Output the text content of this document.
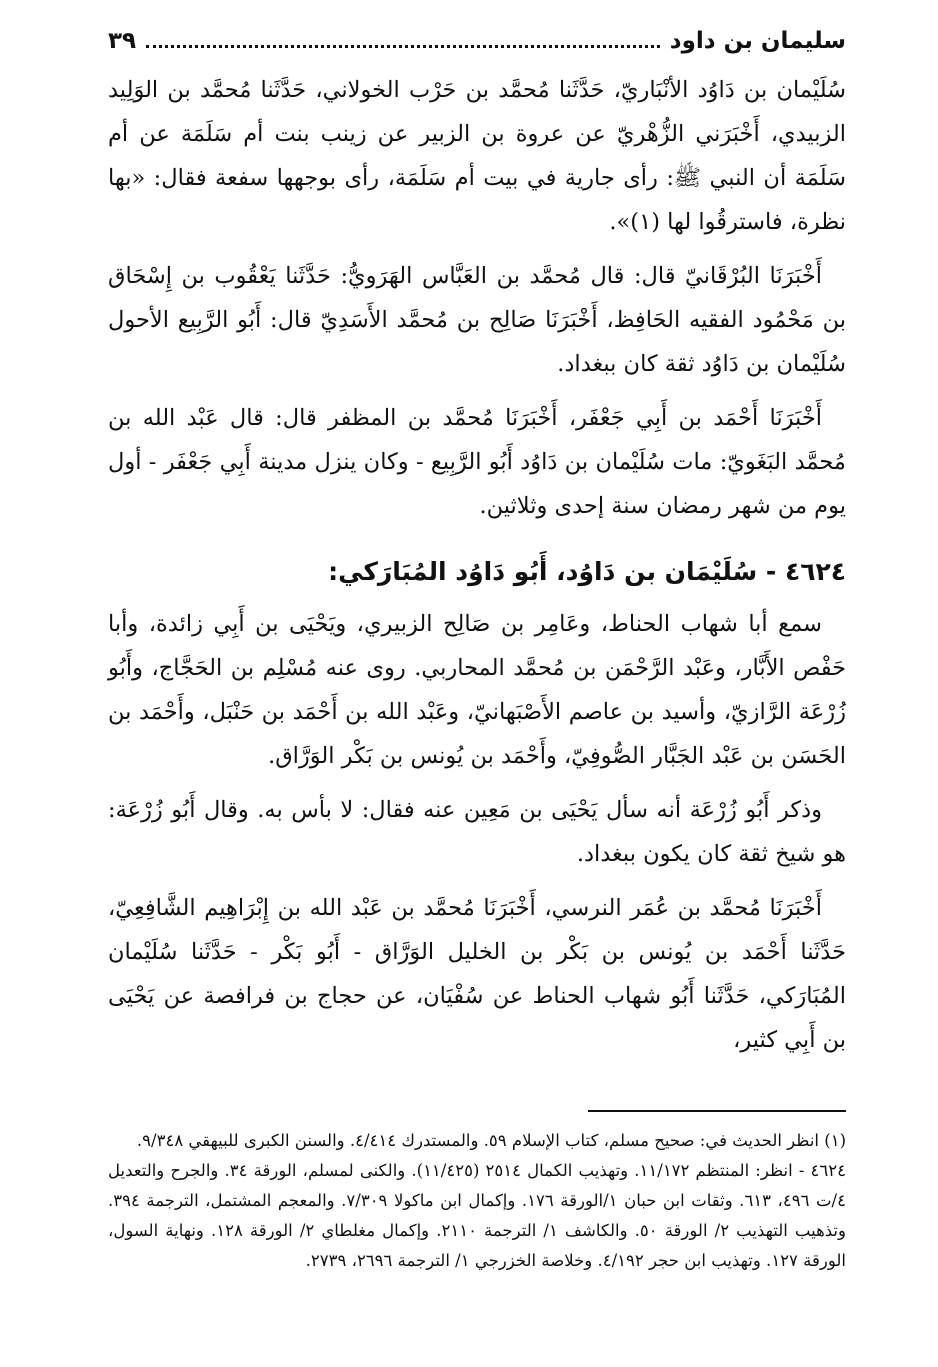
سليمان بن داود
٣٩

سُلَيْمان بن دَاوُد الأنْبَاريّ، حَدَّثَنا مُحمَّد بن حَرْب الخولاني، حَدَّثَنا مُحمَّد بن الوَلِيد الزبيدي، أَخْبَرَني الزُّهْريّ عن عروة بن الزبير عن زينب بنت أم سَلَمَة عن أم سَلَمَة أن النبي ﷺ: رأى جارية في بيت أم سَلَمَة، رأى بوجهها سفعة فقال: «بها نظرة، فاسترقُوا لها (١)».

أَخْبَرَنَا البُرْقَانيّ قال: قال مُحمَّد بن العَبَّاس الهَرَويُّ: حَدَّثَنا يَعْقُوب بن إِسْحَاق بن مَحْمُود الفقيه الحَافِظ، أَخْبَرَنَا صَالِح بن مُحمَّد الأَسَدِيّ قال: أَبُو الرَّبِيع الأحول سُلَيْمان بن دَاوُد ثقة كان ببغداد.

أَخْبَرَنَا أَحْمَد بن أَبِي جَعْفَر، أَخْبَرَنَا مُحمَّد بن المظفر قال: قال عَبْد الله بن مُحمَّد البَغَويّ: مات سُلَيْمان بن دَاوُد أَبُو الرَّبِيع - وكان ينزل مدينة أَبِي جَعْفَر - أول يوم من شهر رمضان سنة إحدى وثلاثين.

٤٦٢٤ - سُلَيْمَان بن دَاوُد، أَبُو دَاوُد المُبَارَكي:

سمع أبا شهاب الحناط، وعَامِر بن صَالِح الزبيري، ويَحْيَى بن أَبِي زائدة، وأبا حَفْص الأَبَّار، وعَبْد الرَّحْمَن بن مُحمَّد المحاربي. روى عنه مُسْلِم بن الحَجَّاج، وأَبُو زُرْعَة الرَّازيّ، وأسيد بن عاصم الأَصْبَهانيّ، وعَبْد الله بن أَحْمَد بن حَنْبَل، وأَحْمَد بن الحَسَن بن عَبْد الجَبَّار الصُّوفِيّ، وأَحْمَد بن يُونس بن بَكْر الوَرَّاق.

وذكر أَبُو زُرْعَة أنه سأل يَحْيَى بن مَعِين عنه فقال: لا بأس به. وقال أَبُو زُرْعَة: هو شيخ ثقة كان يكون ببغداد.

أَخْبَرَنَا مُحمَّد بن عُمَر النرسي، أَخْبَرَنَا مُحمَّد بن عَبْد الله بن إِبْرَاهِيم الشَّافِعِيّ، حَدَّثَنا أَحْمَد بن يُونس بن بَكْر بن الخليل الوَرَّاق - أَبُو بَكْر - حَدَّثَنا سُلَيْمان المُبَارَكي، حَدَّثَنا أَبُو شهاب الحناط عن سُفْيَان، عن حجاج بن فرافصة عن يَحْيَى بن أَبِي كثير،

(١) انظر الحديث في: صحيح مسلم، كتاب الإسلام ٥٩. والمستدرك ٤/٤١٤. والسنن الكبرى للبيهقي ٩/٣٤٨.

٤٦٢٤ - انظر: المنتظم ١١/١٧٢. وتهذيب الكمال ٢٥١٤ (١١/٤٢٥). والكنى لمسلم، الورقة ٣٤. والجرح والتعديل ٤/ت ٤٩٦، ٦١٣. وثقات ابن حبان ١/الورقة ١٧٦. وإكمال ابن ماكولا ٧/٣٠٩. والمعجم المشتمل، الترجمة ٣٩٤. وتذهيب التهذيب ٢/ الورقة ٥٠. والكاشف ١/ الترجمة ٢١١٠. وإكمال مغلطاي ٢/ الورقة ١٢٨. ونهاية السول، الورقة ١٢٧. وتهذيب ابن حجر ٤/١٩٢. وخلاصة الخزرجي ١/ الترجمة ٢٦٩٦، ٢٧٣٩.
